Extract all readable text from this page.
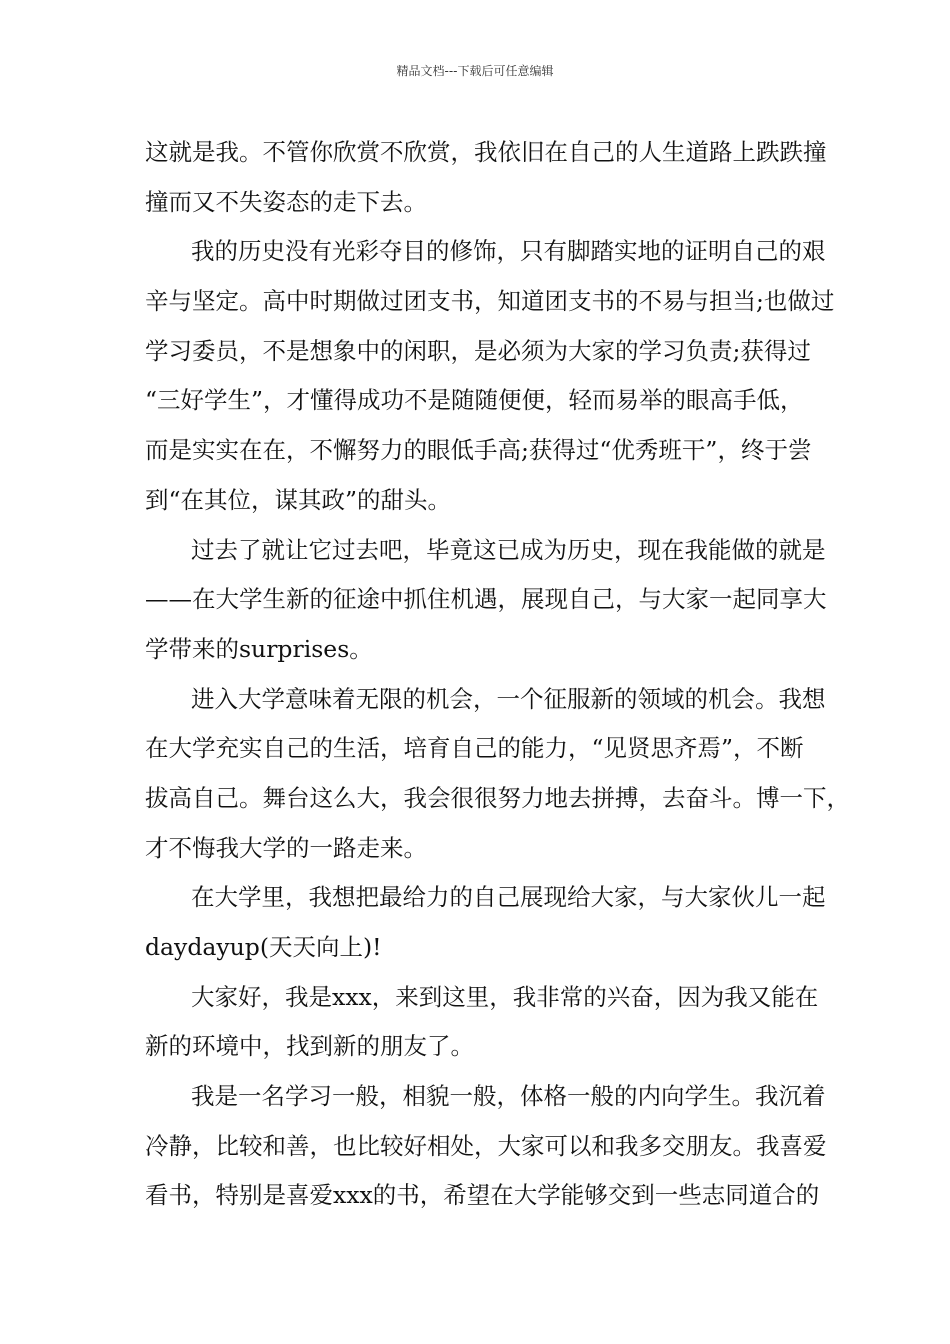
精品文档---下载后可任意编辑
这就是我。不管你欣赏不欣赏，我依旧在自己的人生道路上跌跌撞
撞而又不失姿态的走下去。
我的历史没有光彩夺目的修饰，只有脚踏实地的证明自己的艰
辛与坚定。高中时期做过团支书，知道团支书的不易与担当;也做过
学习委员，不是想象中的闲职，是必须为大家的学习负责;获得过
“三好学生”，才懂得成功不是随随便便，轻而易举的眼高手低，
而是实实在在，不懈努力的眼低手高;获得过“优秀班干”，终于尝
到“在其位，谋其政”的甜头。
过去了就让它过去吧，毕竟这已成为历史，现在我能做的就是
——在大学生新的征途中抓住机遇，展现自己，与大家一起同享大
学带来的surprises。
进入大学意味着无限的机会，一个征服新的领域的机会。我想
在大学充实自己的生活，培育自己的能力，“见贤思齐焉”，不断
拔高自己。舞台这么大，我会很很努力地去拼搏，去奋斗。博一下，
才不悔我大学的一路走来。
在大学里，我想把最给力的自己展现给大家，与大家伙儿一起
daydayup(天天向上)!
大家好，我是xxx，来到这里，我非常的兴奋，因为我又能在
新的环境中，找到新的朋友了。
我是一名学习一般，相貌一般，体格一般的内向学生。我沉着
冷静，比较和善，也比较好相处，大家可以和我多交朋友。我喜爱
看书，特别是喜爱xxx的书，希望在大学能够交到一些志同道合的
